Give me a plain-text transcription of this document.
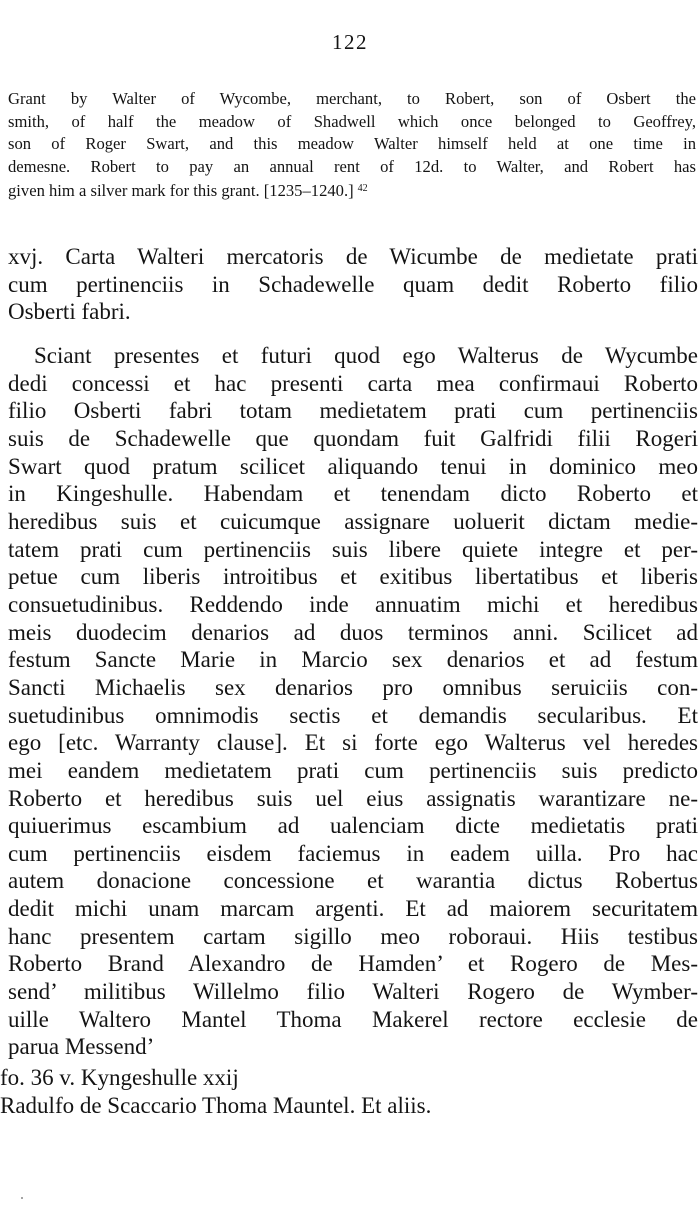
122
Grant by Walter of Wycombe, merchant, to Robert, son of Osbert the
smith, of half the meadow of Shadwell which once belonged to Geoffrey,
son of Roger Swart, and this meadow Walter himself held at one time in
demesne. Robert to pay an annual rent of 12d. to Walter, and Robert has
given him a silver mark for this grant. [1235–1240.] $^{42}$
xvj. Carta Walteri mercatoris de Wicumbe de medietate prati
cum pertinenciis in Schadewelle quam dedit Roberto filio
Osberti fabri.
Sciant presentes et futuri quod ego Walterus de Wycumbe
dedi concessi et hac presenti carta mea confirmaui Roberto
filio Osberti fabri totam medietatem prati cum pertinenciis
suis de Schadewelle que quondam fuit Galfridi filii Rogeri
Swart quod pratum scilicet aliquando tenui in dominico meo
in Kingeshulle. Habendam et tenendam dicto Roberto et
heredibus suis et cuicumque assignare uoluerit dictam medie-
tatem prati cum pertinenciis suis libere quiete integre et per-
petue cum liberis introitibus et exitibus libertatibus et liberis
consuetudinibus. Reddendo inde annuatim michi et heredibus
meis duodecim denarios ad duos terminos anni. Scilicet ad
festum Sancte Marie in Marcio sex denarios et ad festum
Sancti Michaelis sex denarios pro omnibus seruiciis con-
suetudinibus omnimodis sectis et demandis secularibus. Et
ego [etc. Warranty clause]. Et si forte ego Walterus vel heredes
mei eandem medietatem prati cum pertinenciis suis predicto
Roberto et heredibus suis uel eius assignatis warantizare ne-
quiuerimus escambium ad ualenciam dicte medietatis prati
cum pertinenciis eisdem faciemus in eadem uilla. Pro hac
autem donacione concessione et warantia dictus Robertus
dedit michi unam marcam argenti. Et ad maiorem securitatem
hanc presentem cartam sigillo meo roboraui. Hiis testibus
Roberto Brand Alexandro de Hamden’ et Rogero de Mes-
send’ militibus Willelmo filio Walteri Rogero de Wymber-
uille Waltero Mantel Thoma Makerel rectore ecclesie de
parua Messend’
fo. 36 v. Kyngeshulle xxij
Radulfo de Scaccario Thoma Mauntel. Et aliis.
